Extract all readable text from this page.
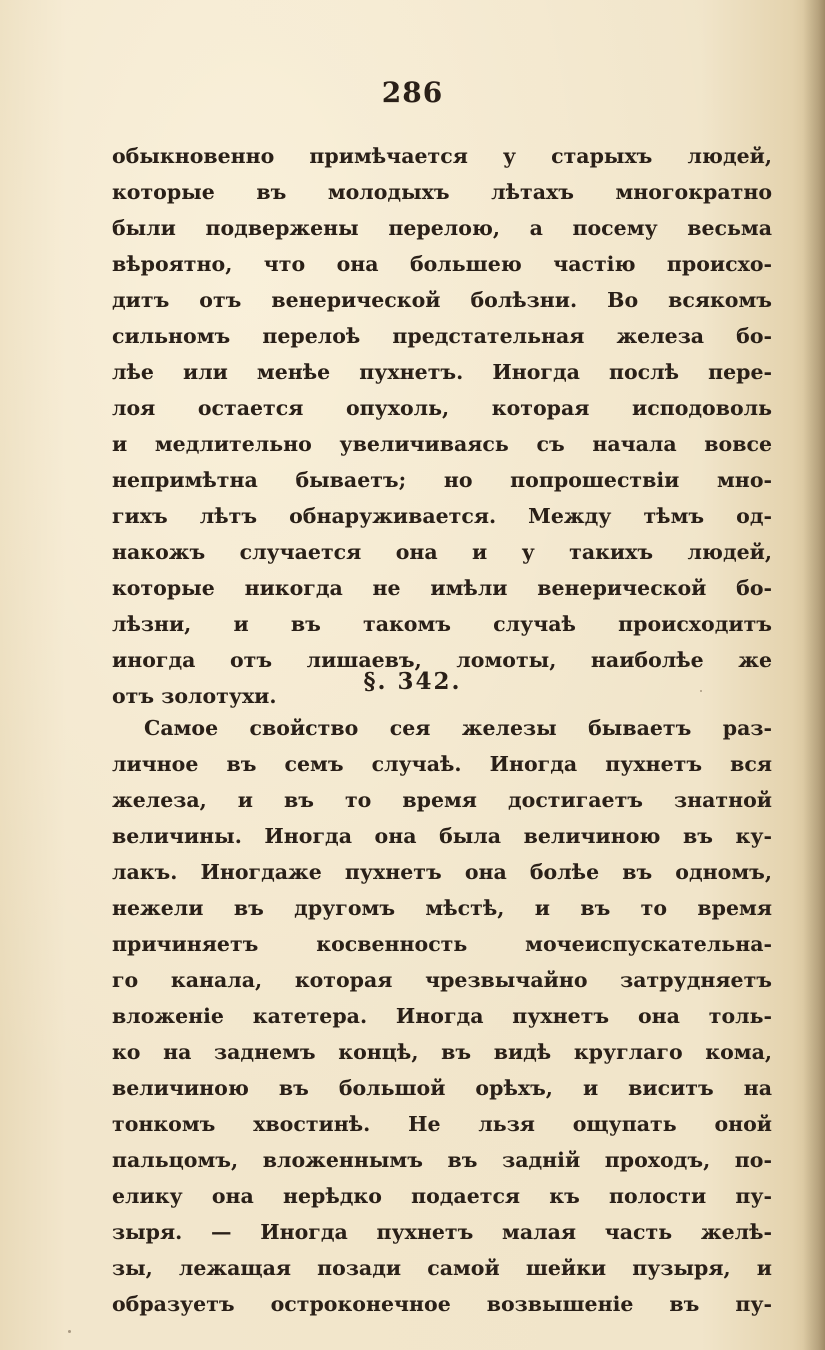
286
обыкновенно примѣчается у старыхъ людей,
которые въ молодыхъ лѣтахъ многократно
были подвержены перелою, а посему весьма
вѣроятно, что она большею частію происхо-
дитъ отъ венерической болѣзни. Во всякомъ
сильномъ перелоѣ предстательная железа бо-
лѣе или менѣе пухнетъ. Иногда послѣ пере-
лоя остается опухоль, которая исподоволь
и медлительно увеличиваясь съ начала вовсе
непримѣтна бываетъ; но попрошествіи мно-
гихъ лѣтъ обнаруживается. Между тѣмъ од-
накожъ случается она и у такихъ людей,
которые никогда не имѣли венерической бо-
лѣзни, и въ такомъ случаѣ происходитъ
иногда отъ лишаевъ, ломоты, наиболѣе же
отъ золотухи.
§. 342.
Самое свойство сея железы бываетъ раз-
личное въ семъ случаѣ. Иногда пухнетъ вся
железа, и въ то время достигаетъ знатной
величины. Иногда она была величиною въ ку-
лакъ. Иногдаже пухнетъ она болѣе въ одномъ,
нежели въ другомъ мѣстѣ, и въ то время
причиняетъ косвенность мочеиспускательна-
го канала, которая чрезвычайно затрудняетъ
вложеніе катетера. Иногда пухнетъ она толь-
ко на заднемъ концѣ, въ видѣ круглаго кома,
величиною въ большой орѣхъ, и виситъ на
тонкомъ хвостинѣ. Не льзя ощупать оной
пальцомъ, вложеннымъ въ задній проходъ, по-
елику она нерѣдко подается къ полости пу-
зыря. — Иногда пухнетъ малая часть желѣ-
зы, лежащая позади самой шейки пузыря, и
образуетъ остроконечное возвышеніе въ пу-
